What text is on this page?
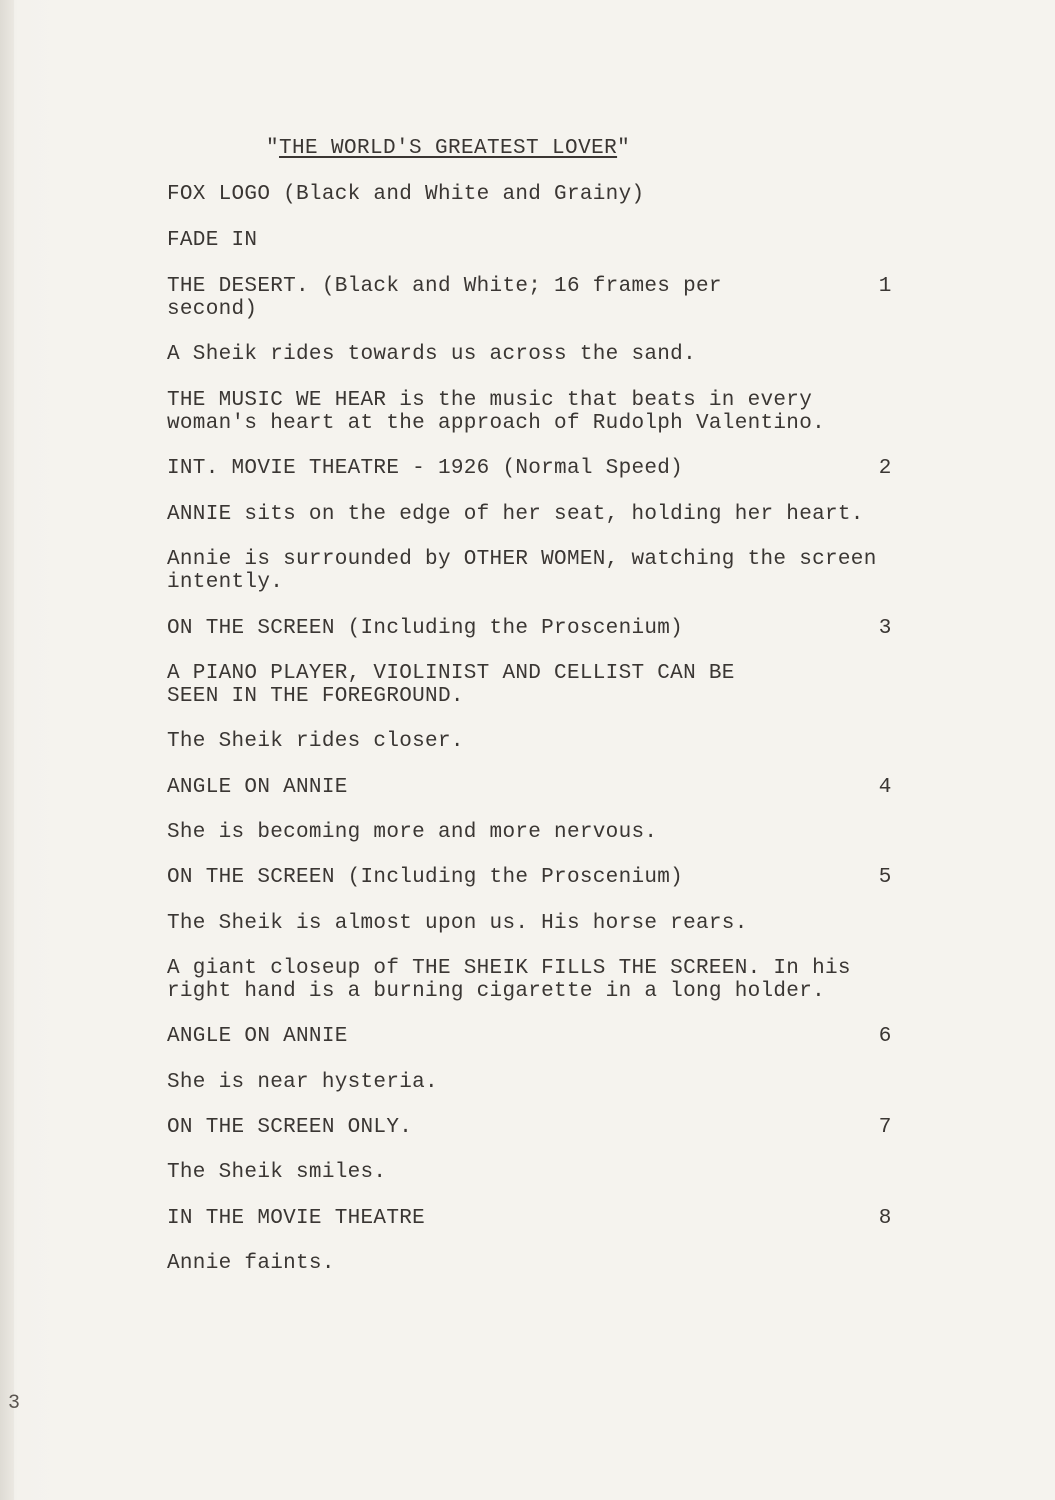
"THE WORLD'S GREATEST LOVER"
FOX LOGO (Black and White and Grainy)
FADE IN
THE DESERT. (Black and White; 16 frames per
second)
1
A Sheik rides towards us across the sand.
THE MUSIC WE HEAR is the music that beats in every
woman's heart at the approach of Rudolph Valentino.
INT. MOVIE THEATRE - 1926 (Normal Speed)	2
ANNIE sits on the edge of her seat, holding her heart.
Annie is surrounded by OTHER WOMEN, watching the screen
intently.
ON THE SCREEN (Including the Proscenium)	3
A PIANO PLAYER, VIOLINIST AND CELLIST CAN BE
SEEN IN THE FOREGROUND.
The Sheik rides closer.
ANGLE ON ANNIE	4
She is becoming more and more nervous.
ON THE SCREEN (Including the Proscenium)	5
The Sheik is almost upon us. His horse rears.
A giant closeup of THE SHEIK FILLS THE SCREEN. In his
right hand is a burning cigarette in a long holder.
ANGLE ON ANNIE	6
She is near hysteria.
ON THE SCREEN ONLY.	7
The Sheik smiles.
IN THE MOVIE THEATRE	8
Annie faints.
3
